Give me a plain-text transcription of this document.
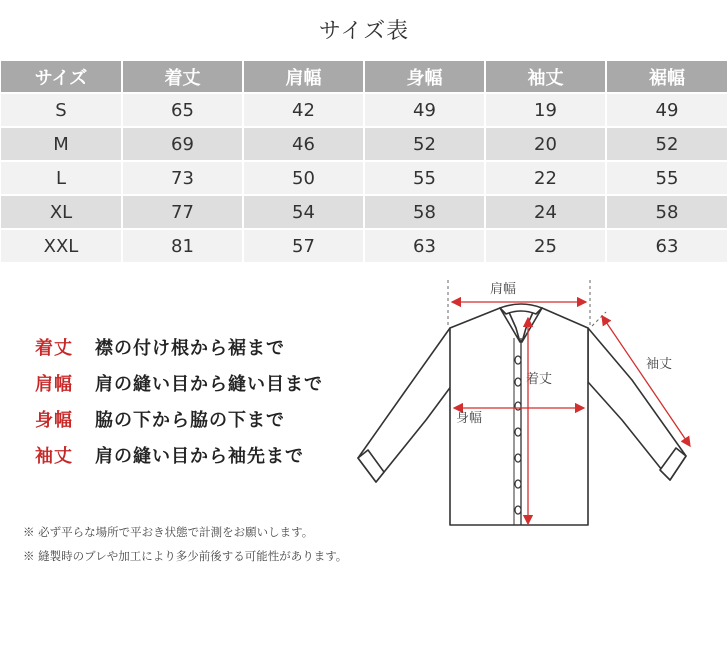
サイズ表
サイズ	着丈	肩幅	身幅	袖丈	裾幅
S	65	42	49	19	49
M	69	46	52	20	52
L	73	50	55	22	55
XL	77	54	58	24	58
XXL	81	57	63	25	63
着丈	襟の付け根から裾まで
肩幅	肩の縫い目から縫い目まで
身幅	脇の下から脇の下まで
袖丈	肩の縫い目から袖先まで
※ 必ず平らな場所で平おき状態で計測をお願いします。
※ 縫製時のブレや加工により多少前後する可能性があります。
肩幅
着丈
身幅
袖丈
